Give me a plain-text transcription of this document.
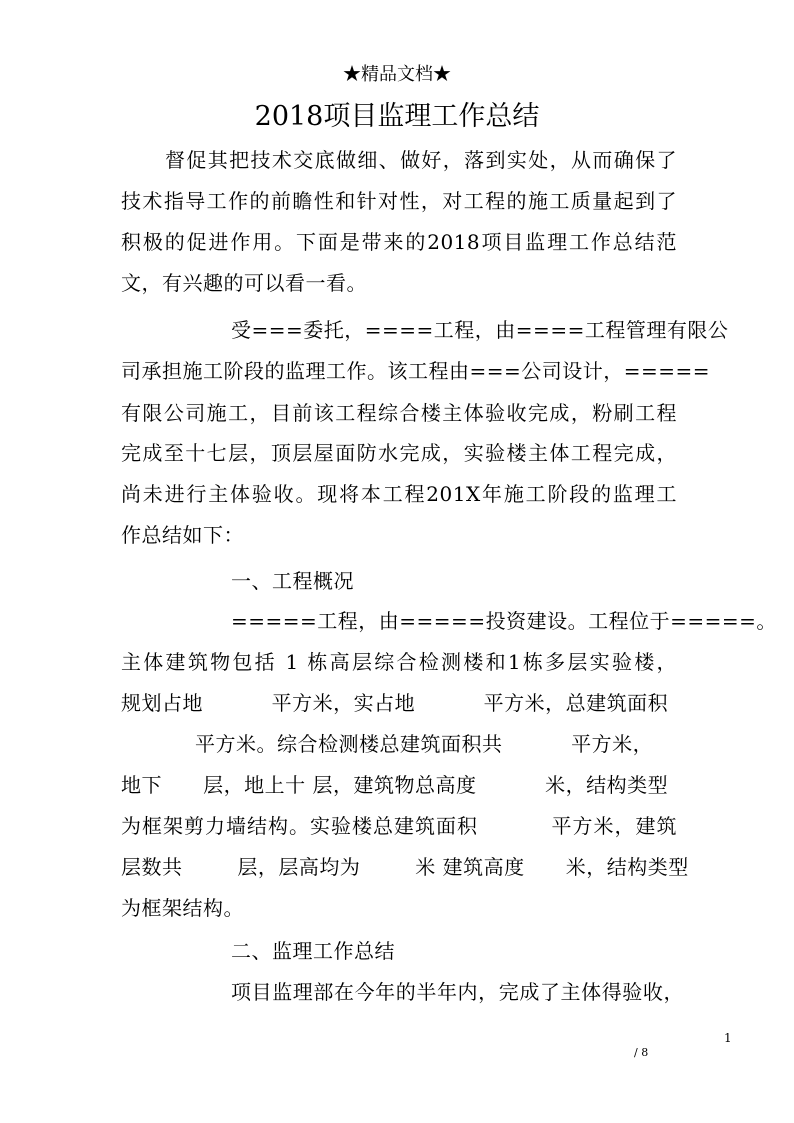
★精品文档★
2018项目监理工作总结
督促其把技术交底做细、做好，落到实处，从而确保了
技术指导工作的前瞻性和针对性，对工程的施工质量起到了
积极的促进作用。下面是带来的2018项目监理工作总结范
文，有兴趣的可以看一看。
受===委托，====工程，由====工程管理有限公
司承担施工阶段的监理工作。该工程由===公司设计，=====
有限公司施工，目前该工程综合楼主体验收完成，粉刷工程
完成至十七层，顶层屋面防水完成，实验楼主体工程完成，
尚未进行主体验收。现将本工程201X年施工阶段的监理工
作总结如下：
一、工程概况
=====工程，由=====投资建设。工程位于=====。
主体建筑物包括 1 栋高层综合检测楼和1栋多层实验楼，
规划占地          平方米，实占地          平方米，总建筑面积
平方米。综合检测楼总建筑面积共          平方米，
地下      层，地上十 层，建筑物总高度          米，结构类型
为框架剪力墙结构。实验楼总建筑面积          平方米，建筑
层数共        层，层高均为        米 建筑高度      米，结构类型
为框架结构。
二、监理工作总结
项目监理部在今年的半年内，完成了主体得验收，
1
/ 8
